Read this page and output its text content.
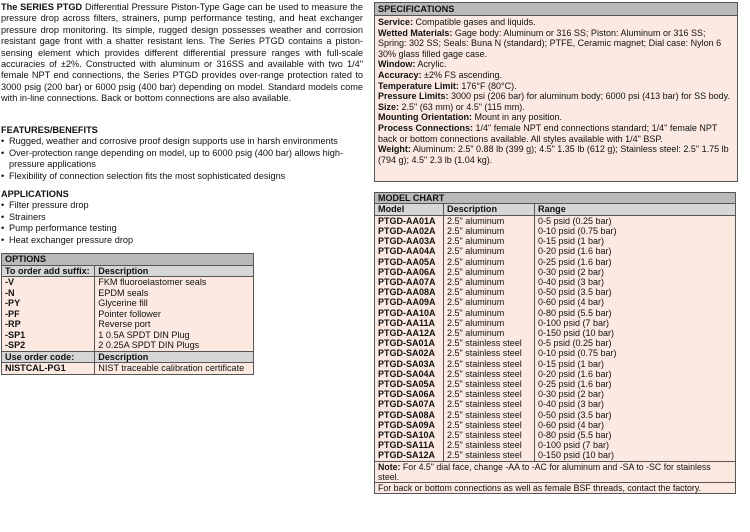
The SERIES PTGD Differential Pressure Piston-Type Gage can be used to measure the pressure drop across filters, strainers, pump performance testing, and heat exchanger pressure drop monitoring. Its simple, rugged design possesses weather and corrosion resistant gage front with a shatter resistant lens. The Series PTGD contains a piston-sensing element which provides different differential pressure ranges with full-scale accuracies of ±2%. Constructed with aluminum or 316SS and available with two 1/4" female NPT end connections, the Series PTGD provides over-range protection rated to 3000 psig (200 bar) or 6000 psig (400 bar) depending on model. Standard models come with in-line connections. Back or bottom connections are also available.

FEATURES/BENEFITS

• Rugged, weather and corrosive proof design supports use in harsh environments
• Over-protection range depending on model, up to 6000 psig (400 bar) allows high-pressure applications
• Flexibility of connection selection fits the most sophisticated designs

APPLICATIONS

• Filter pressure drop
• Strainers
• Pump performance testing
• Heat exchanger pressure drop
OPTIONS	
To order add suffix:	Description
-V	FKM fluoroelastomer seals
-N	EPDM seals
-PY	Glycerine fill
-PF	Pointer follower
-RP	Reverse port
-SP1	1 0.5A SPDT DIN Plug
-SP2	2 0.25A SPDT DIN Plugs
Use order code:	Description
NISTCAL-PG1	NIST traceable calibration certificate
SPECIFICATIONS
Service: Compatible gases and liquids.
Wetted Materials: Gage body: Aluminum or 316 SS; Piston: Aluminum or 316 SS; Spring: 302 SS; Seals: Buna N (standard); PTFE, Ceramic magnet; Dial case: Nylon 6 30% glass filled gage case.
Window: Acrylic.
Accuracy: ±2% FS ascending.
Temperature Limit: 176°F (80°C).
Pressure Limits: 3000 psi (206 bar) for aluminum body; 6000 psi (413 bar) for SS body.
Size: 2.5" (63 mm) or 4.5" (115 mm).
Mounting Orientation: Mount in any position.
Process Connections: 1/4" female NPT end connections standard; 1/4" female NPT back or bottom connections available. All styles available with 1/4" BSP.
Weight: Aluminum: 2.5" 0.88 lb (399 g); 4.5" 1.35 lb (612 g); Stainless steel: 2.5" 1.75 lb (794 g); 4.5" 2.3 lb (1.04 kg).
MODEL CHART		
Model	Description	Range
PTGD-AA01A	2.5" aluminum	0-5 psid (0.25 bar)
PTGD-AA02A	2.5" aluminum	0-10 psid (0.75 bar)
PTGD-AA03A	2.5" aluminum	0-15 psid (1 bar)
PTGD-AA04A	2.5" aluminum	0-20 psid (1.6 bar)
PTGD-AA05A	2.5" aluminum	0-25 psid (1.6 bar)
PTGD-AA06A	2.5" aluminum	0-30 psid (2 bar)
PTGD-AA07A	2.5" aluminum	0-40 psid (3 bar)
PTGD-AA08A	2.5" aluminum	0-50 psid (3.5 bar)
PTGD-AA09A	2.5" aluminum	0-60 psid (4 bar)
PTGD-AA10A	2.5" aluminum	0-80 psid (5.5 bar)
PTGD-AA11A	2.5" aluminum	0-100 psid (7 bar)
PTGD-AA12A	2.5" aluminum	0-150 psid (10 bar)
PTGD-SA01A	2.5" stainless steel	0-5 psid (0.25 bar)
PTGD-SA02A	2.5" stainless steel	0-10 psid (0.75 bar)
PTGD-SA03A	2.5" stainless steel	0-15 psid (1 bar)
PTGD-SA04A	2.5" stainless steel	0-20 psid (1.6 bar)
PTGD-SA05A	2.5" stainless steel	0-25 psid (1.6 bar)
PTGD-SA06A	2.5" stainless steel	0-30 psid (2 bar)
PTGD-SA07A	2.5" stainless steel	0-40 psid (3 bar)
PTGD-SA08A	2.5" stainless steel	0-50 psid (3.5 bar)
PTGD-SA09A	2.5" stainless steel	0-60 psid (4 bar)
PTGD-SA10A	2.5" stainless steel	0-80 psid (5.5 bar)
PTGD-SA11A	2.5" stainless steel	0-100 psid (7 bar)
PTGD-SA12A	2.5" stainless steel	0-150 psid (10 bar)
Note: For 4.5" dial face, change -AA to -AC for aluminum and -SA to -SC for stainless steel.		
For back or bottom connections as well as female BSF threads, contact the factory.		
